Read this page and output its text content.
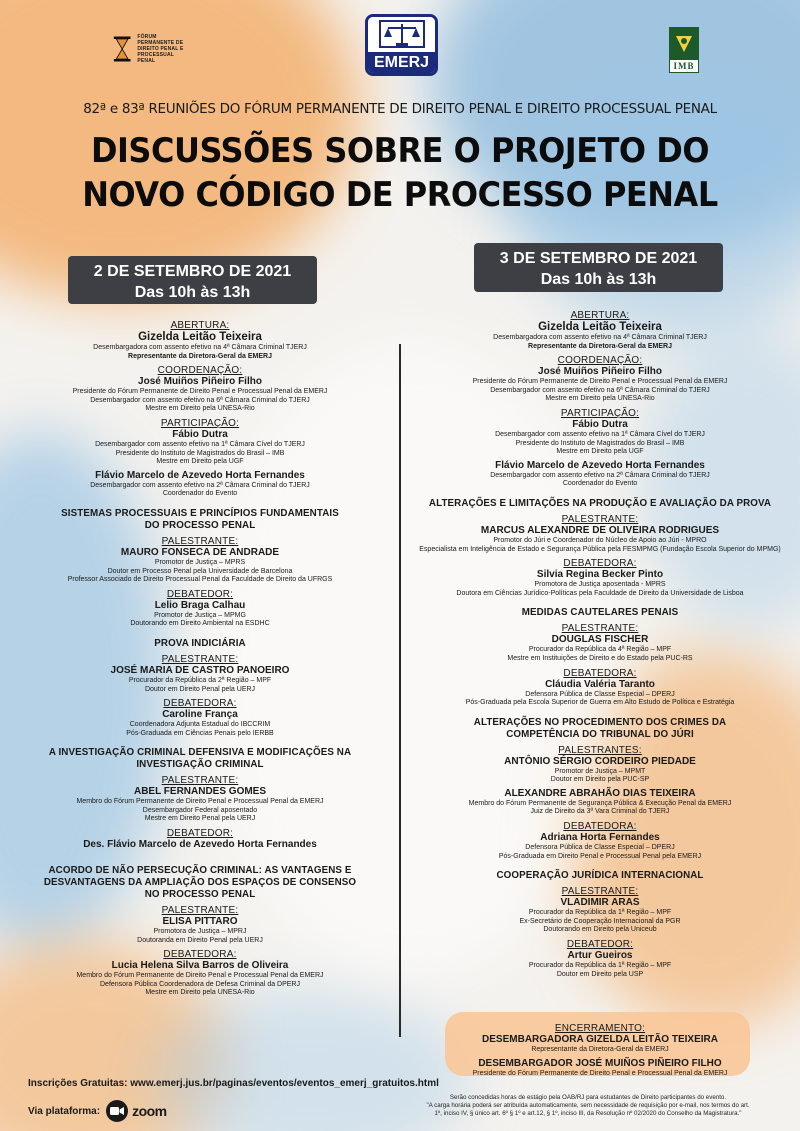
FÓRUM PERMANENTE DE
DIREITO PENAL E
PROCESSUAL PENAL	EMERJ	IMB
82ª e 83ª REUNIÕES DO FÓRUM PERMANENTE DE DIREITO PENAL E DIREITO PROCESSUAL PENAL
DISCUSSÕES SOBRE O PROJETO DO
NOVO CÓDIGO DE PROCESSO PENAL
2 DE SETEMBRO DE 2021
Das 10h às 13h
3 DE SETEMBRO DE 2021
Das 10h às 13h
ABERTURA:
Gizelda Leitão Teixeira
Desembargadora com assento efetivo na 4ª Câmara Criminal TJERJ
Representante da Diretora-Geral da EMERJ
COORDENAÇÃO:
José Muiños Piñeiro Filho
Presidente do Fórum Permanente de Direito Penal e Processual Penal da EMERJ
Desembargador com assento efetivo na 6ª Câmara Criminal do TJERJ
Mestre em Direito pela UNESA-Rio
PARTICIPAÇÃO:
Fábio Dutra
Desembargador com assento efetivo na 1ª Câmara Cível do TJERJ
Presidente do Instituto de Magistrados do Brasil – IMB
Mestre em Direito pela UGF
Flávio Marcelo de Azevedo Horta Fernandes
Desembargador com assento efetivo na 2ª Câmara Criminal do TJERJ
Coordenador do Evento
SISTEMAS PROCESSUAIS E PRINCÍPIOS FUNDAMENTAIS
DO PROCESSO PENAL
PALESTRANTE:
MAURO FONSECA DE ANDRADE
Promotor de Justiça – MPRS
Doutor em Processo Penal pela Universidade de Barcelona
Professor Associado de Direito Processual Penal da Faculdade de Direito da UFRGS
DEBATEDOR:
Lelio Braga Calhau
Promotor de Justiça – MPMG
Doutorando em Direito Ambiental na ESDHC
PROVA INDICIÁRIA
PALESTRANTE:
JOSÉ MARIA DE CASTRO PANOEIRO
Procurador da República da 2ª Região – MPF
Doutor em Direito Penal pela UERJ
DEBATEDORA:
Caroline França
Coordenadora Adjunta Estadual do IBCCRIM
Pós-Graduada em Ciências Penais pelo IERBB
A INVESTIGAÇÃO CRIMINAL DEFENSIVA E MODIFICAÇÕES NA
INVESTIGAÇÃO CRIMINAL
PALESTRANTE:
ABEL FERNANDES GOMES
Membro do Fórum Permanente de Direito Penal e Processual Penal da EMERJ
Desembargador Federal aposentado
Mestre em Direito Penal pela UERJ
DEBATEDOR:
Des. Flávio Marcelo de Azevedo Horta Fernandes
ACORDO DE NÃO PERSECUÇÃO CRIMINAL: AS VANTAGENS E
DESVANTAGENS DA AMPLIAÇÃO DOS ESPAÇOS DE CONSENSO
NO PROCESSO PENAL
PALESTRANTE:
ELISA PITTARO
Promotora de Justiça – MPRJ
Doutoranda em Direito Penal pela UERJ
DEBATEDORA:
Lucia Helena Silva Barros de Oliveira
Membro do Fórum Permanente de Direito Penal e Processual Penal da EMERJ
Defensora Pública Coordenadora de Defesa Criminal da DPERJ
Mestre em Direito pela UNESA-Rio
ABERTURA:
Gizelda Leitão Teixeira
Desembargadora com assento efetivo na 4ª Câmara Criminal TJERJ
Representante da Diretora-Geral da EMERJ
COORDENAÇÃO:
José Muiños Piñeiro Filho
Presidente do Fórum Permanente de Direito Penal e Processual Penal da EMERJ
Desembargador com assento efetivo na 6ª Câmara Criminal do TJERJ
Mestre em Direito pela UNESA-Rio
PARTICIPAÇÃO:
Fábio Dutra
Desembargador com assento efetivo na 1ª Câmara Cível do TJERJ
Presidente do Instituto de Magistrados do Brasil – IMB
Mestre em Direito pela UGF
Flávio Marcelo de Azevedo Horta Fernandes
Desembargador com assento efetivo na 2ª Câmara Criminal do TJERJ
Coordenador do Evento
ALTERAÇÕES E LIMITAÇÕES NA PRODUÇÃO E AVALIAÇÃO DA PROVA
PALESTRANTE:
MARCUS ALEXANDRE DE OLIVEIRA RODRIGUES
Promotor do Júri e Coordenador do Núcleo de Apoio ao Júri - MPRO
Especialista em Inteligência de Estado e Segurança Pública pela FESMPMG (Fundação Escola Superior do MPMG)
DEBATEDORA:
Silvia Regina Becker Pinto
Promotora de Justiça aposentada - MPRS
Doutora em Ciências Jurídico-Políticas pela Faculdade de Direito da Universidade de Lisboa
MEDIDAS CAUTELARES PENAIS
PALESTRANTE:
DOUGLAS FISCHER
Procurador da República da 4ª Região – MPF
Mestre em Instituições de Direito e do Estado pela PUC-RS
DEBATEDORA:
Cláudia Valéria Taranto
Defensora Pública de Classe Especial – DPERJ
Pós-Graduada pela Escola Superior de Guerra em Alto Estudo de Política e Estratégia
ALTERAÇÕES NO PROCEDIMENTO DOS CRIMES DA
COMPETÊNCIA DO TRIBUNAL DO JÚRI
PALESTRANTES:
ANTÔNIO SÉRGIO CORDEIRO PIEDADE
Promotor de Justiça – MPMT
Doutor em Direito pela PUC-SP
ALEXANDRE ABRAHÃO DIAS TEIXEIRA
Membro do Fórum Permanente de Segurança Pública & Execução Penal da EMERJ
Juiz de Direito da 3ª Vara Criminal do TJERJ
DEBATEDORA:
Adriana Horta Fernandes
Defensora Pública de Classe Especial – DPERJ
Pós-Graduada em Direito Penal e Processual Penal pela EMERJ
COOPERAÇÃO JURÍDICA INTERNACIONAL
PALESTRANTE:
VLADIMIR ARAS
Procurador da República da 1ª Região – MPF
Ex-Secretário de Cooperação Internacional da PGR
Doutorando em Direito pela Uniceub
DEBATEDOR:
Artur Gueiros
Procurador da República da 1ª Região – MPF
Doutor em Direito pela USP
ENCERRAMENTO:
DESEMBARGADORA GIZELDA LEITÃO TEIXEIRA
Representante da Diretora-Geral da EMERJ
DESEMBARGADOR JOSÉ MUIÑOS PIÑEIRO FILHO
Presidente do Fórum Permanente de Direito Penal e Processual Penal da EMERJ
Inscrições Gratuitas: www.emerj.jus.br/paginas/eventos/eventos_emerj_gratuitos.html
Via plataforma: zoom
Serão concedidas horas de estágio pela OAB/RJ para estudantes de Direito participantes do evento.
"A carga horária poderá ser atribuída automaticamente, sem necessidade de requisição por e-mail, nos termos do art.
1º, inciso IV, § único art. 6º § 1º e art.12, § 1º, inciso III, da Resolução nº 02/2020 do Conselho da Magistratura."
